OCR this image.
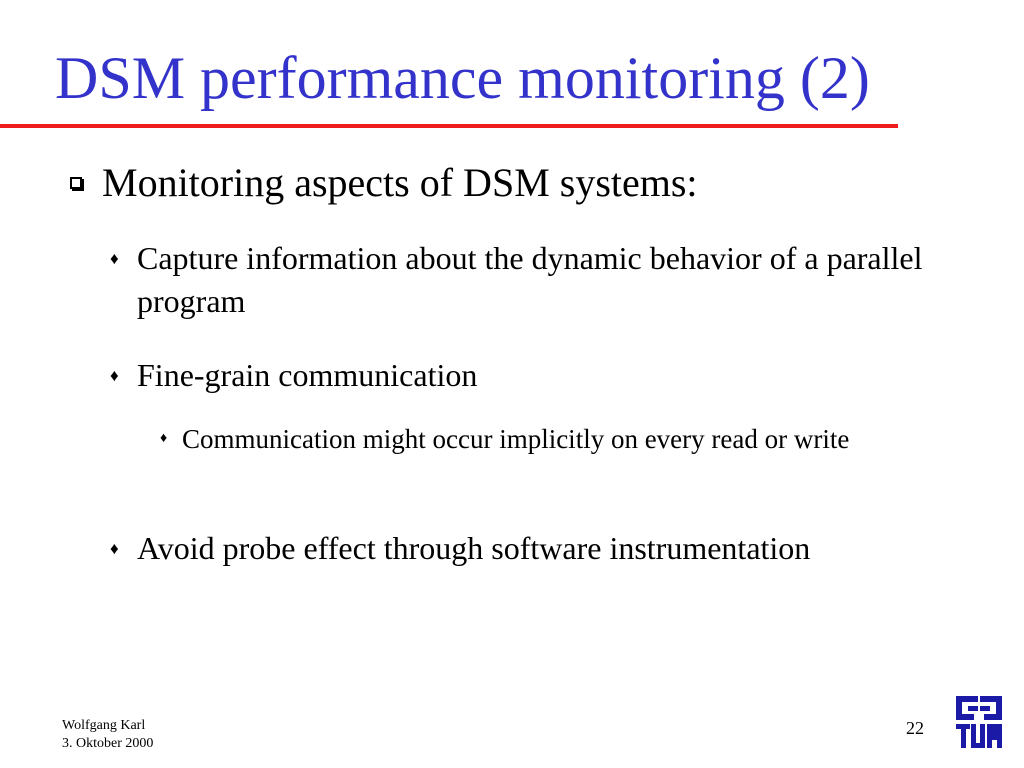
DSM performance monitoring (2)
Monitoring aspects of DSM systems:
♦ Capture information about the dynamic behavior of a parallel program
♦ Fine-grain communication
♦ Communication might occur implicitly on every read or write
♦ Avoid probe effect through software instrumentation
Wolfgang Karl
3. Oktober 2000
22
